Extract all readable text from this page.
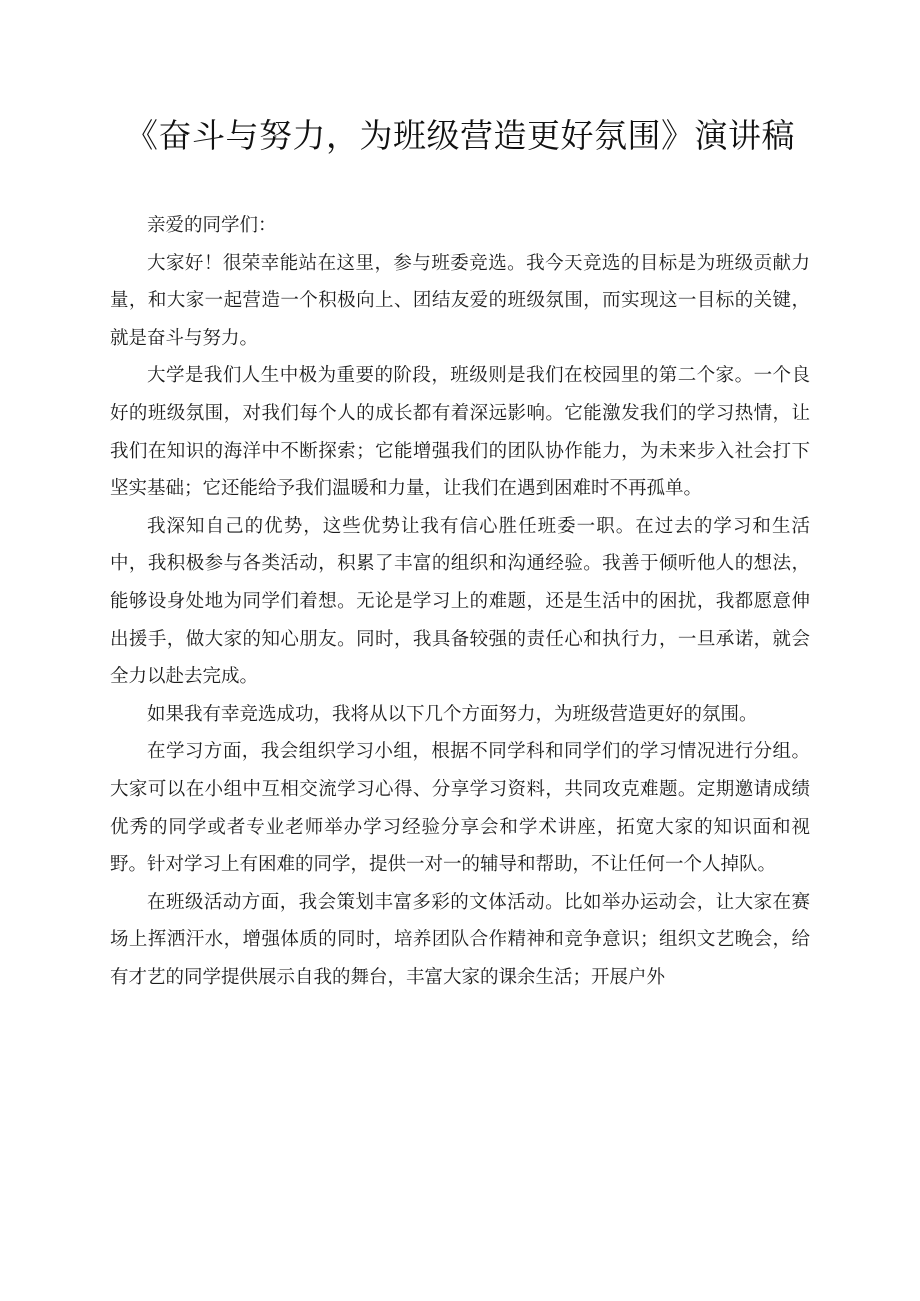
《奋斗与努力，为班级营造更好氛围》演讲稿

亲爱的同学们：

大家好！很荣幸能站在这里，参与班委竞选。我今天竞选的目标是为班级贡献力量，和大家一起营造一个积极向上、团结友爱的班级氛围，而实现这一目标的关键，就是奋斗与努力。

大学是我们人生中极为重要的阶段，班级则是我们在校园里的第二个家。一个良好的班级氛围，对我们每个人的成长都有着深远影响。它能激发我们的学习热情，让我们在知识的海洋中不断探索；它能增强我们的团队协作能力，为未来步入社会打下坚实基础；它还能给予我们温暖和力量，让我们在遇到困难时不再孤单。

我深知自己的优势，这些优势让我有信心胜任班委一职。在过去的学习和生活中，我积极参与各类活动，积累了丰富的组织和沟通经验。我善于倾听他人的想法，能够设身处地为同学们着想。无论是学习上的难题，还是生活中的困扰，我都愿意伸出援手，做大家的知心朋友。同时，我具备较强的责任心和执行力，一旦承诺，就会全力以赴去完成。

如果我有幸竞选成功，我将从以下几个方面努力，为班级营造更好的氛围。

在学习方面，我会组织学习小组，根据不同学科和同学们的学习情况进行分组。大家可以在小组中互相交流学习心得、分享学习资料，共同攻克难题。定期邀请成绩优秀的同学或者专业老师举办学习经验分享会和学术讲座，拓宽大家的知识面和视野。针对学习上有困难的同学，提供一对一的辅导和帮助，不让任何一个人掉队。

在班级活动方面，我会策划丰富多彩的文体活动。比如举办运动会，让大家在赛场上挥洒汗水，增强体质的同时，培养团队合作精神和竞争意识；组织文艺晚会，给有才艺的同学提供展示自我的舞台，丰富大家的课余生活；开展户外
